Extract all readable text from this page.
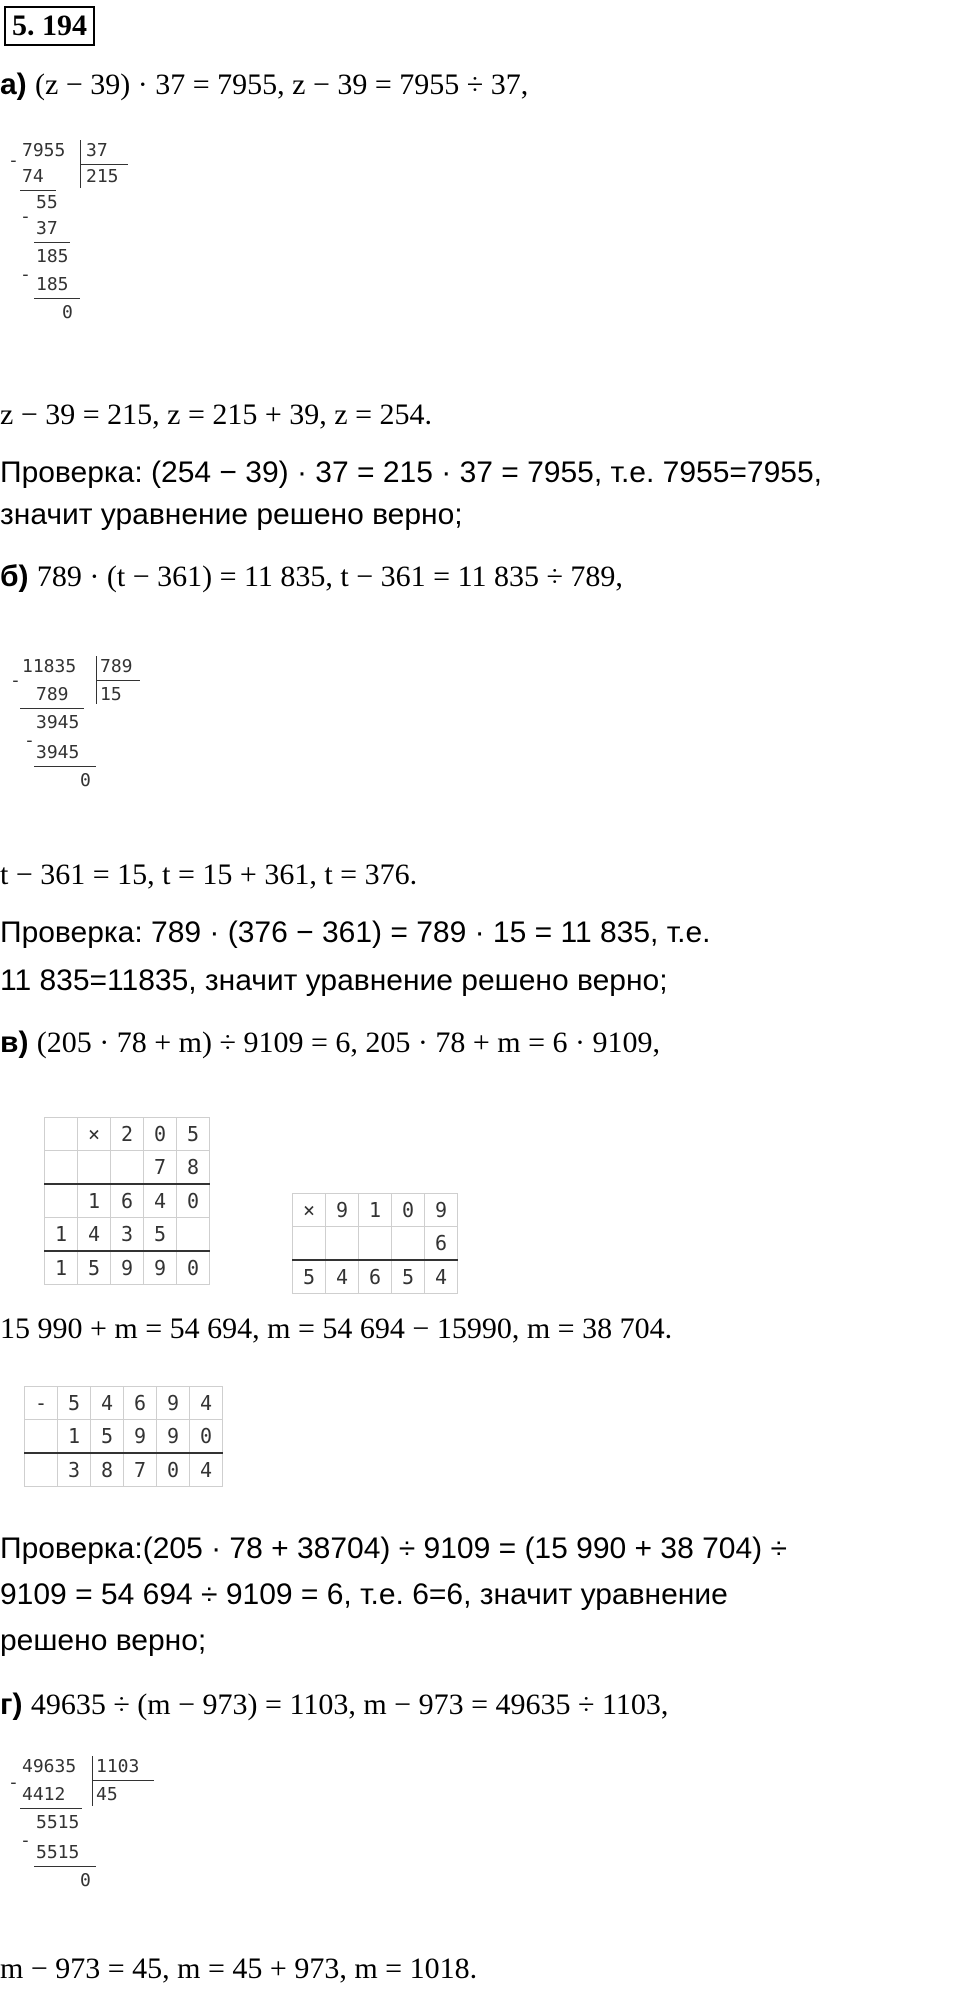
5. 194
а) (z − 39) · 37 = 7955, z − 39 = 7955 ÷ 37,
7955 37
215
-
74
55
-
37
185
- 185
0
z − 39 = 215, z = 215 + 39, z = 254.
Проверка: (254 − 39) · 37 = 215 · 37 = 7955, т.е. 7955=7955,
значит уравнение решено верно;
б) 789 · (t − 361) = 11 835, t − 361 = 11 835 ÷ 789,
11835 789
15
-
789
3945
-
3945
0
t − 361 = 15, t = 15 + 361, t = 376.
Проверка: 789 · (376 − 361) = 789 · 15 = 11 835, т.е.
11 835=11835, значит уравнение решено верно;
в) (205 · 78 + m) ÷ 9109 = 6, 205 · 78 + m = 6 · 9109,
	×	2	0	5
			7	8
	1	6	4	0
1	4	3	5	
1	5	9	9	0
×	9	1	0	9
				6
5	4	6	5	4
15 990 + m = 54 694, m = 54 694 − 15990, m = 38 704.
-	5	4	6	9	4
	1	5	9	9	0
	3	8	7	0	4
Проверка:(205 · 78 + 38704) ÷ 9109 = (15 990 + 38 704) ÷
9109 = 54 694 ÷ 9109 = 6, т.е. 6=6, значит уравнение
решено верно;
г) 49635 ÷ (m − 973) = 1103, m − 973 = 49635 ÷ 1103,
49635 1103
45
-
4412
5515
-
5515
0
m − 973 = 45, m = 45 + 973, m = 1018.
